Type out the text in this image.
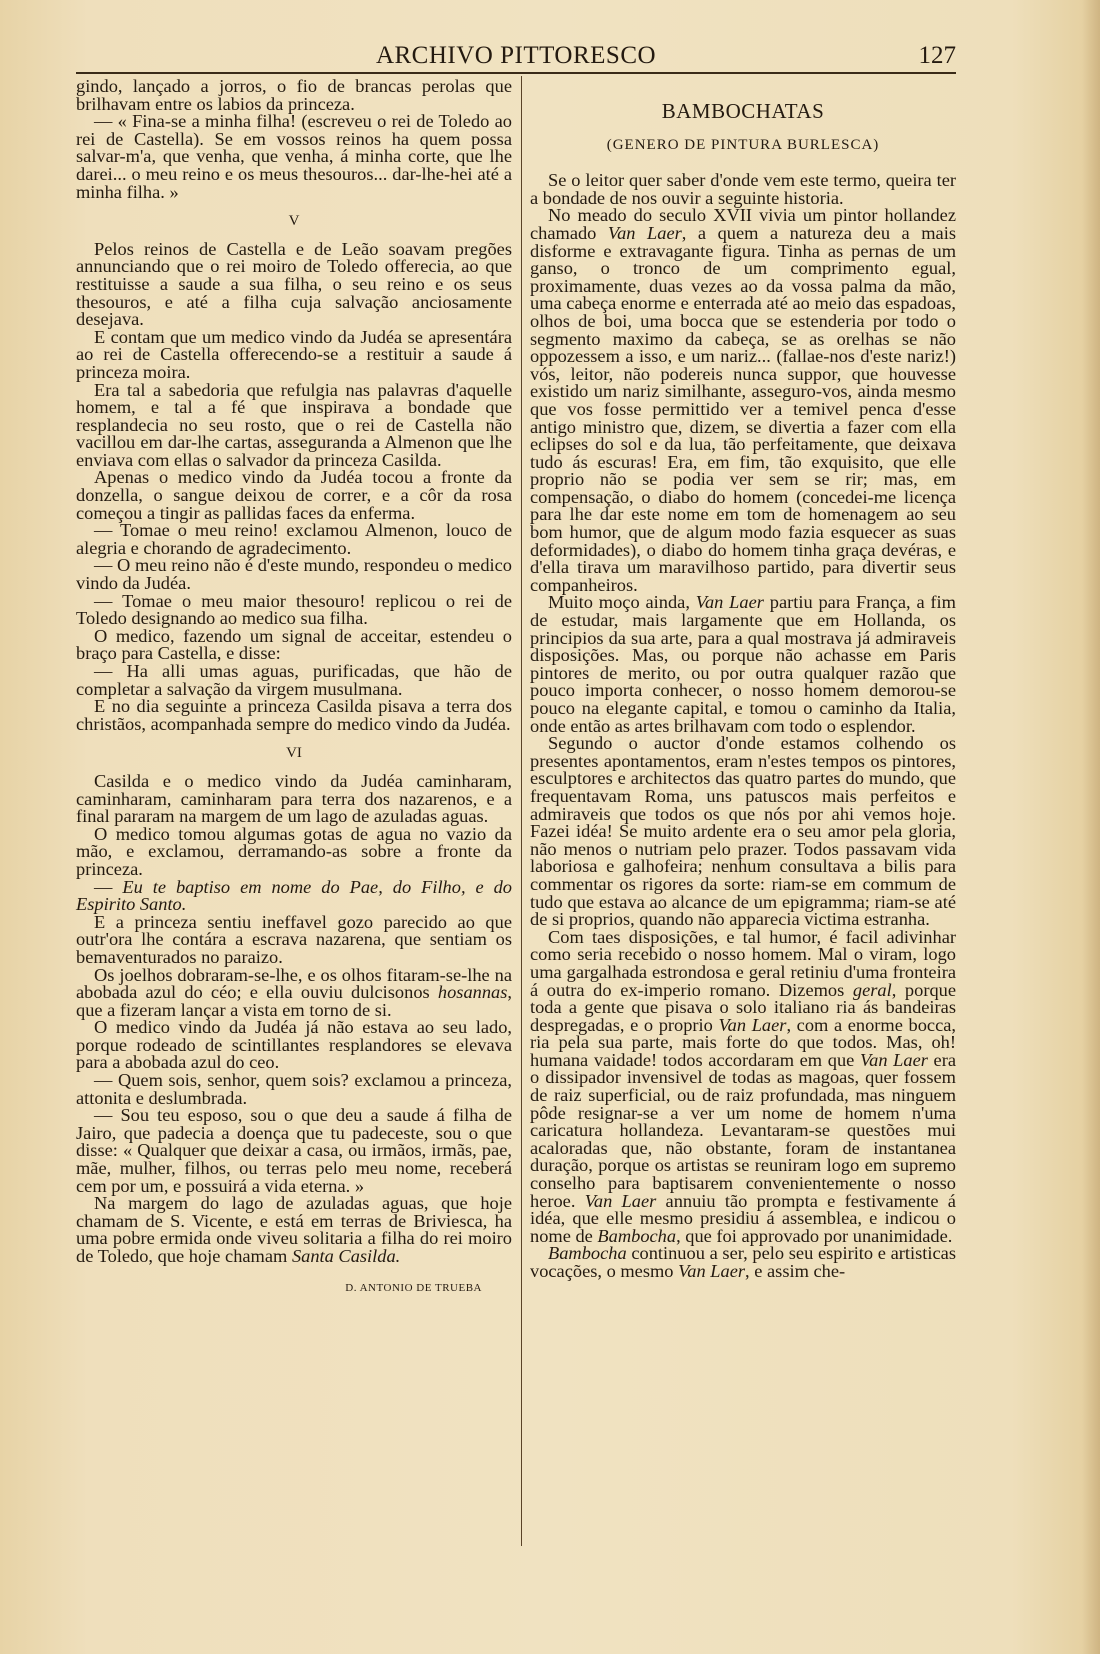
ARCHIVO PITTORESCO	127

gindo, lançado a jorros, o fio de brancas perolas que brilhavam entre os labios da princeza.

— « Fina-se a minha filha! (escreveu o rei de Toledo ao rei de Castella). Se em vossos reinos ha quem possa salvar-m'a, que venha, que venha, á minha corte, que lhe darei... o meu reino e os meus thesouros... dar-lhe-hei até a minha filha. »

V

Pelos reinos de Castella e de Leão soavam pregões annunciando que o rei moiro de Toledo offerecia, ao que restituisse a saude a sua filha, o seu reino e os seus thesouros, e até a filha cuja salvação anciosamente desejava.

E contam que um medico vindo da Judéa se apresentára ao rei de Castella offerecendo-se a restituir a saude á princeza moira.

Era tal a sabedoria que refulgia nas palavras d'aquelle homem, e tal a fé que inspirava a bondade que resplandecia no seu rosto, que o rei de Castella não vacillou em dar-lhe cartas, asseguranda a Almenon que lhe enviava com ellas o salvador da princeza Casilda.

Apenas o medico vindo da Judéa tocou a fronte da donzella, o sangue deixou de correr, e a côr da rosa começou a tingir as pallidas faces da enferma.

— Tomae o meu reino! exclamou Almenon, louco de alegria e chorando de agradecimento.

— O meu reino não é d'este mundo, respondeu o medico vindo da Judéa.

— Tomae o meu maior thesouro! replicou o rei de Toledo designando ao medico sua filha.

O medico, fazendo um signal de acceitar, estendeu o braço para Castella, e disse:

— Ha alli umas aguas, purificadas, que hão de completar a salvação da virgem musulmana.

E no dia seguinte a princeza Casilda pisava a terra dos christãos, acompanhada sempre do medico vindo da Judéa.

VI

Casilda e o medico vindo da Judéa caminharam, caminharam, caminharam para terra dos nazarenos, e a final pararam na margem de um lago de azuladas aguas.

O medico tomou algumas gotas de agua no vazio da mão, e exclamou, derramando-as sobre a fronte da princeza.

— Eu te baptiso em nome do Pae, do Filho, e do Espirito Santo.

E a princeza sentiu ineffavel gozo parecido ao que outr'ora lhe contára a escrava nazarena, que sentiam os bemaventurados no paraizo.

Os joelhos dobraram-se-lhe, e os olhos fitaram-se-lhe na abobada azul do céo; e ella ouviu dulcisonos hosannas, que a fizeram lançar a vista em torno de si.

O medico vindo da Judéa já não estava ao seu lado, porque rodeado de scintillantes resplandores se elevava para a abobada azul do ceo.

— Quem sois, senhor, quem sois? exclamou a princeza, attonita e deslumbrada.

— Sou teu esposo, sou o que deu a saude á filha de Jairo, que padecia a doença que tu padeceste, sou o que disse: « Qualquer que deixar a casa, ou irmãos, irmãs, pae, mãe, mulher, filhos, ou terras pelo meu nome, receberá cem por um, e possuirá a vida eterna. »

Na margem do lago de azuladas aguas, que hoje chamam de S. Vicente, e está em terras de Briviesca, ha uma pobre ermida onde viveu solitaria a filha do rei moiro de Toledo, que hoje chamam Santa Casilda.

D. ANTONIO DE TRUEBA
BAMBOCHATAS
(GENERO DE PINTURA BURLESCA)

Se o leitor quer saber d'onde vem este termo, queira ter a bondade de nos ouvir a seguinte historia.

No meado do seculo XVII vivia um pintor hollandez chamado Van Laer, a quem a natureza deu a mais disforme e extravagante figura. Tinha as pernas de um ganso, o tronco de um comprimento egual, proximamente, duas vezes ao da vossa palma da mão, uma cabeça enorme e enterrada até ao meio das espadoas, olhos de boi, uma bocca que se estenderia por todo o segmento maximo da cabeça, se as orelhas se não oppozessem a isso, e um nariz... (fallae-nos d'este nariz!) vós, leitor, não podereis nunca suppor, que houvesse existido um nariz similhante, asseguro-vos, ainda mesmo que vos fosse permittido ver a temivel penca d'esse antigo ministro que, dizem, se divertia a fazer com ella eclipses do sol e da lua, tão perfeitamente, que deixava tudo ás escuras! Era, em fim, tão exquisito, que elle proprio não se podia ver sem se rir; mas, em compensação, o diabo do homem (concedei-me licença para lhe dar este nome em tom de homenagem ao seu bom humor, que de algum modo fazia esquecer as suas deformidades), o diabo do homem tinha graça devéras, e d'ella tirava um maravilhoso partido, para divertir seus companheiros.

Muito moço ainda, Van Laer partiu para França, a fim de estudar, mais largamente que em Hollanda, os principios da sua arte, para a qual mostrava já admiraveis disposições. Mas, ou porque não achasse em Paris pintores de merito, ou por outra qualquer razão que pouco importa conhecer, o nosso homem demorou-se pouco na elegante capital, e tomou o caminho da Italia, onde então as artes brilhavam com todo o esplendor.

Segundo o auctor d'onde estamos colhendo os presentes apontamentos, eram n'estes tempos os pintores, esculptores e architectos das quatro partes do mundo, que frequentavam Roma, uns patuscos mais perfeitos e admiraveis que todos os que nós por ahi vemos hoje. Fazei idéa! Se muito ardente era o seu amor pela gloria, não menos o nutriam pelo prazer. Todos passavam vida laboriosa e galhofeira; nenhum consultava a bilis para commentar os rigores da sorte: riam-se em commum de tudo que estava ao alcance de um epigramma; riam-se até de si proprios, quando não apparecia victima estranha.

Com taes disposições, e tal humor, é facil adivinhar como seria recebido o nosso homem. Mal o viram, logo uma gargalhada estrondosa e geral retiniu d'uma fronteira á outra do ex-imperio romano. Dizemos geral, porque toda a gente que pisava o solo italiano ria ás bandeiras despregadas, e o proprio Van Laer, com a enorme bocca, ria pela sua parte, mais forte do que todos. Mas, oh! humana vaidade! todos accordaram em que Van Laer era o dissipador invensivel de todas as magoas, quer fossem de raiz superficial, ou de raiz profundada, mas ninguem pôde resignar-se a ver um nome de homem n'uma caricatura hollandeza. Levantaram-se questões mui acaloradas que, não obstante, foram de instantanea duração, porque os artistas se reuniram logo em supremo conselho para baptisarem convenientemente o nosso heroe. Van Laer annuiu tão prompta e festivamente á idéa, que elle mesmo presidiu á assemblea, e indicou o nome de Bambocha, que foi approvado por unanimidade.

Bambocha continuou a ser, pelo seu espirito e artisticas vocações, o mesmo Van Laer, e assim che-
